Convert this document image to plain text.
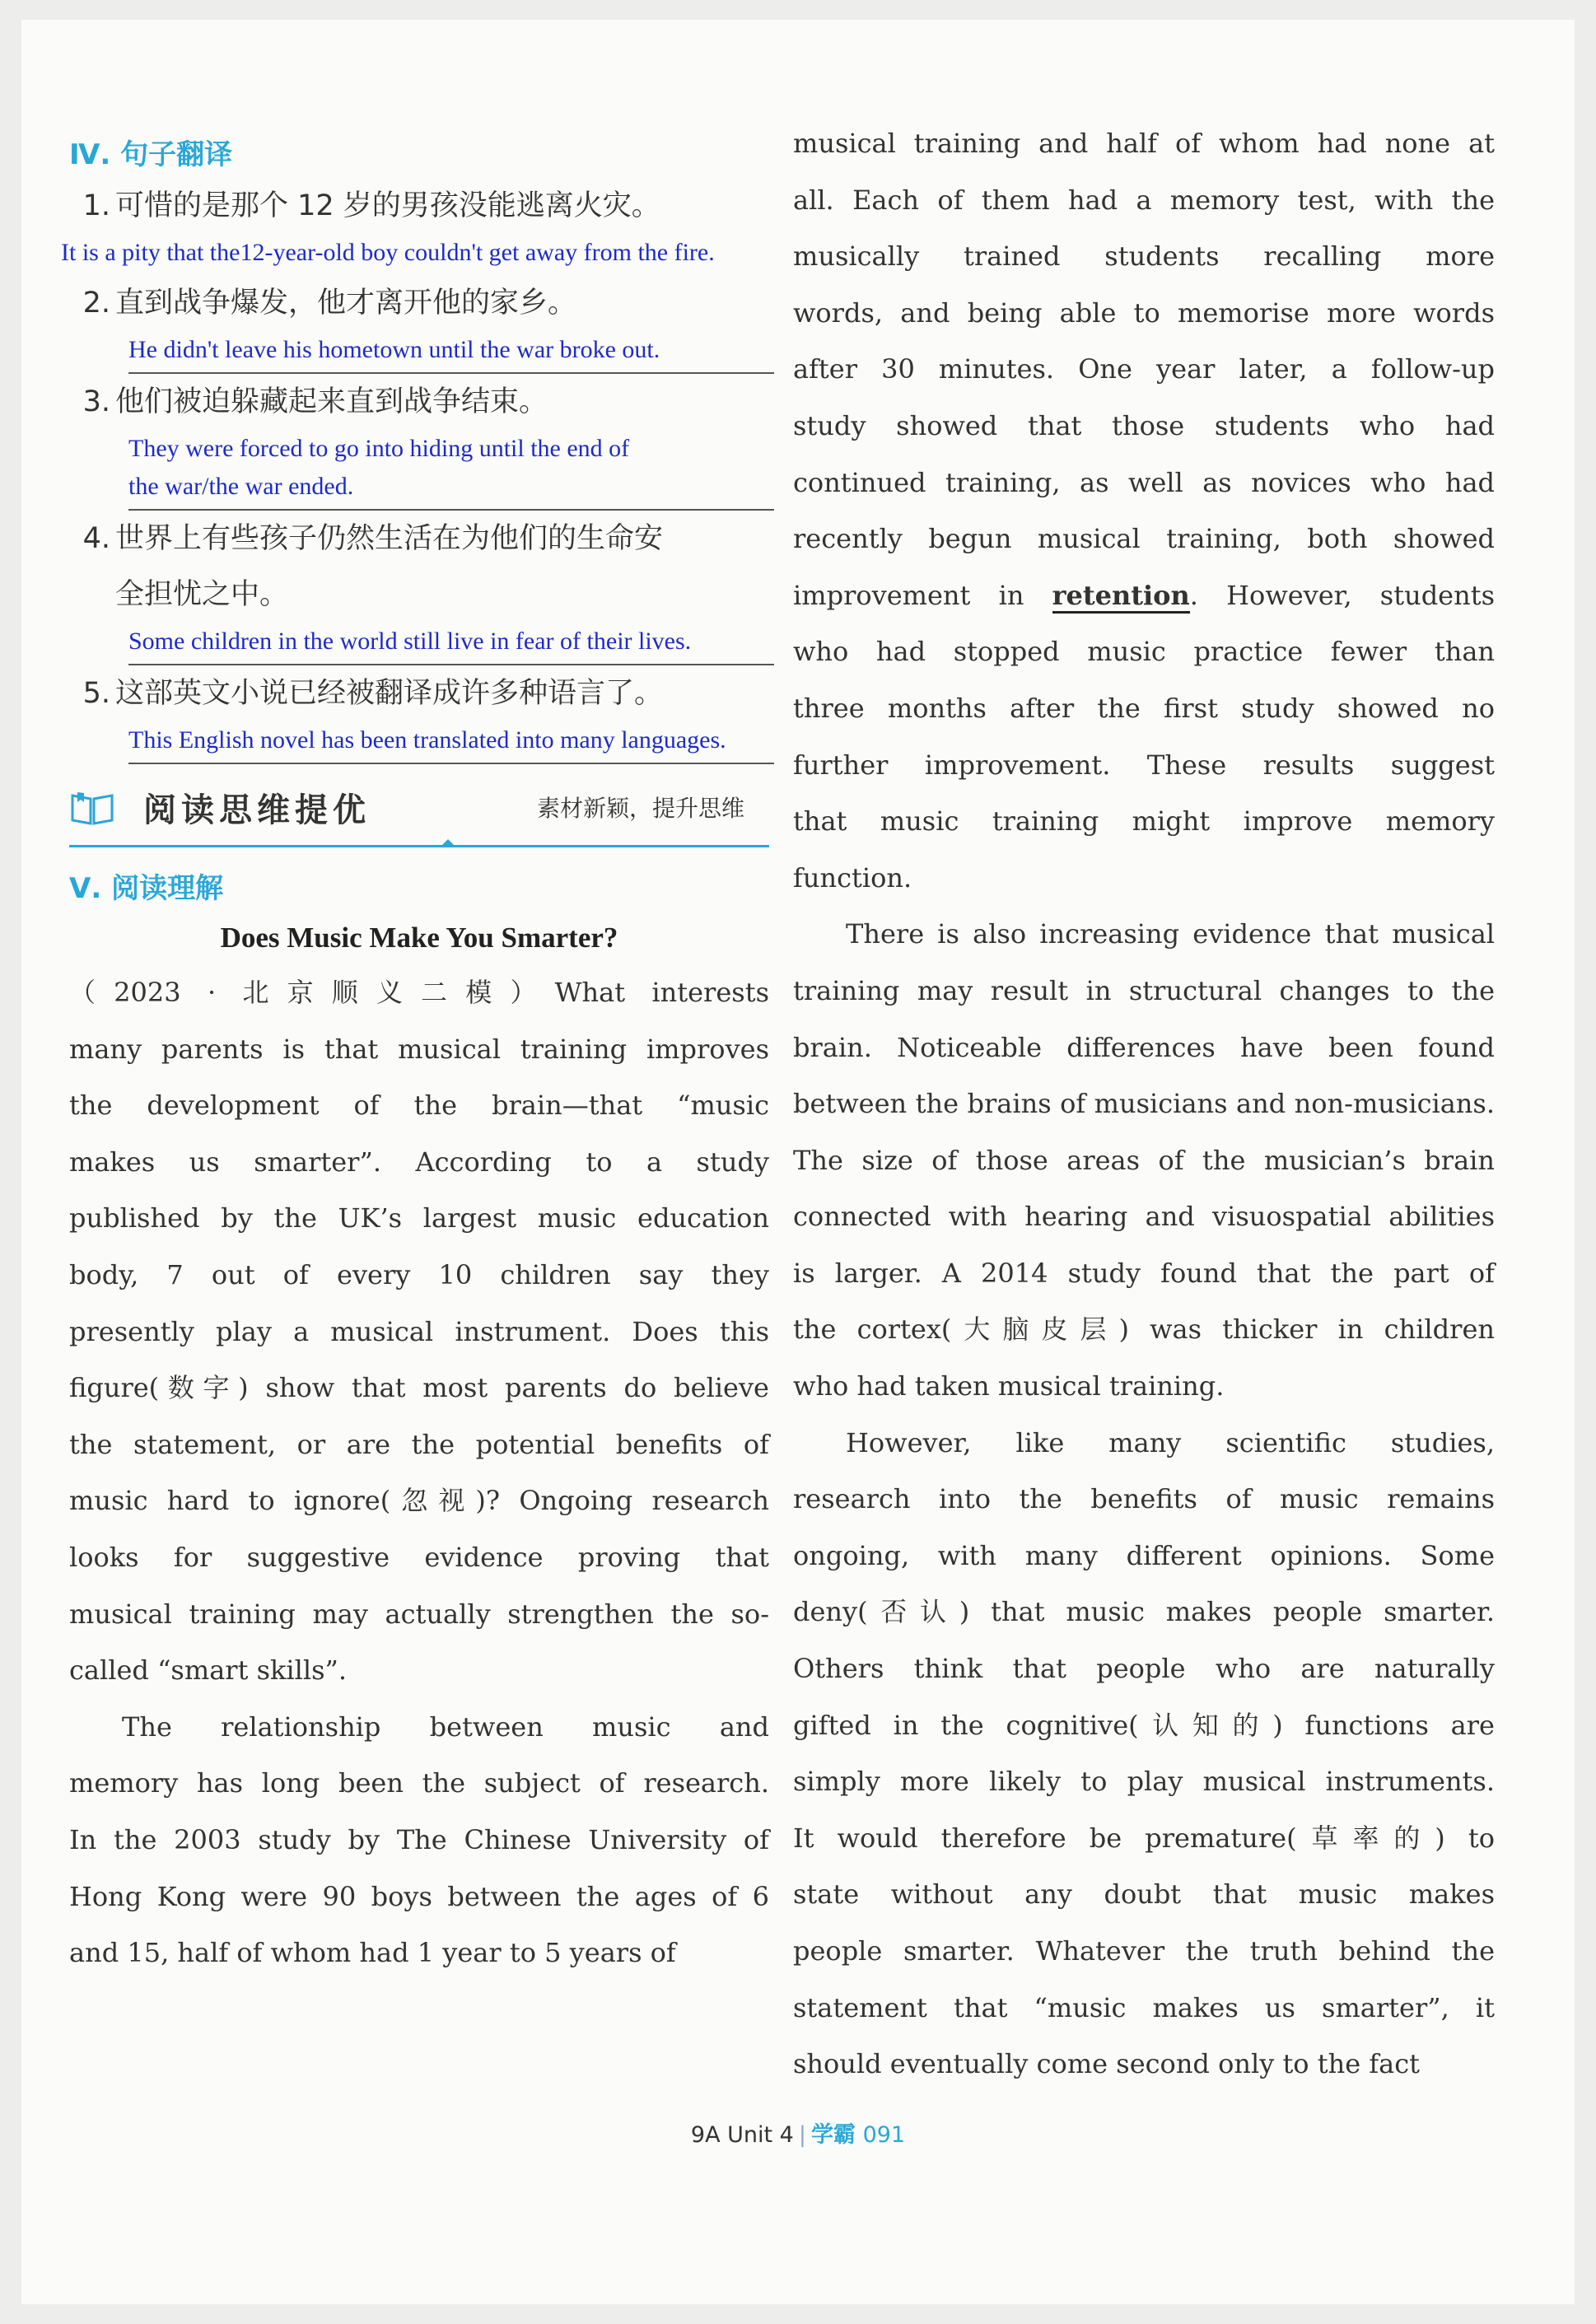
Ⅳ. 句子翻译
1. 可惜的是那个 12 岁的男孩没能逃离火灾。
It is a pity that the12-year-old boy couldn't get away from the fire.
2. 直到战争爆发，他才离开他的家乡。
He didn't leave his hometown until the war broke out.
3. 他们被迫躲藏起来直到战争结束。
They were forced to go into hiding until the end of
the war/the war ended.
4. 世界上有些孩子仍然生活在为他们的生命安
全担忧之中。
Some children in the world still live in fear of their lives.
5. 这部英文小说已经被翻译成许多种语言了。
This English novel has been translated into many languages.
阅读思维提优	素材新颖，提升思维
Ⅴ. 阅读理解
Does Music Make You Smarter?
（2023 · 北京顺义二模）What interests
many parents is that musical training improves
the development of the brain—that “music
makes us smarter”. According to a study
published by the UK’s largest music education
body, 7 out of every 10 children say they
presently play a musical instrument. Does this
figure(数字) show that most parents do believe
the statement, or are the potential benefits of
music hard to ignore(忽视)? Ongoing research
looks for suggestive evidence proving that
musical training may actually strengthen the so-
called “smart skills”.
The relationship between music and
memory has long been the subject of research.
In the 2003 study by The Chinese University of
Hong Kong were 90 boys between the ages of 6
and 15, half of whom had 1 year to 5 years of
musical training and half of whom had none at
all. Each of them had a memory test, with the
musically trained students recalling more
words, and being able to memorise more words
after 30 minutes. One year later, a follow-up
study showed that those students who had
continued training, as well as novices who had
recently begun musical training, both showed
improvement in retention. However, students
who had stopped music practice fewer than
three months after the first study showed no
further improvement. These results suggest
that music training might improve memory
function.
There is also increasing evidence that musical
training may result in structural changes to the
brain. Noticeable differences have been found
between the brains of musicians and non-musicians.
The size of those areas of the musician’s brain
connected with hearing and visuospatial abilities
is larger. A 2014 study found that the part of
the cortex(大脑皮层) was thicker in children
who had taken musical training.
However, like many scientific studies,
research into the benefits of music remains
ongoing, with many different opinions. Some
deny(否认) that music makes people smarter.
Others think that people who are naturally
gifted in the cognitive(认知的) functions are
simply more likely to play musical instruments.
It would therefore be premature(草率的) to
state without any doubt that music makes
people smarter. Whatever the truth behind the
statement that “music makes us smarter”, it
should eventually come second only to the fact
9A Unit 4 | 学霸 091
